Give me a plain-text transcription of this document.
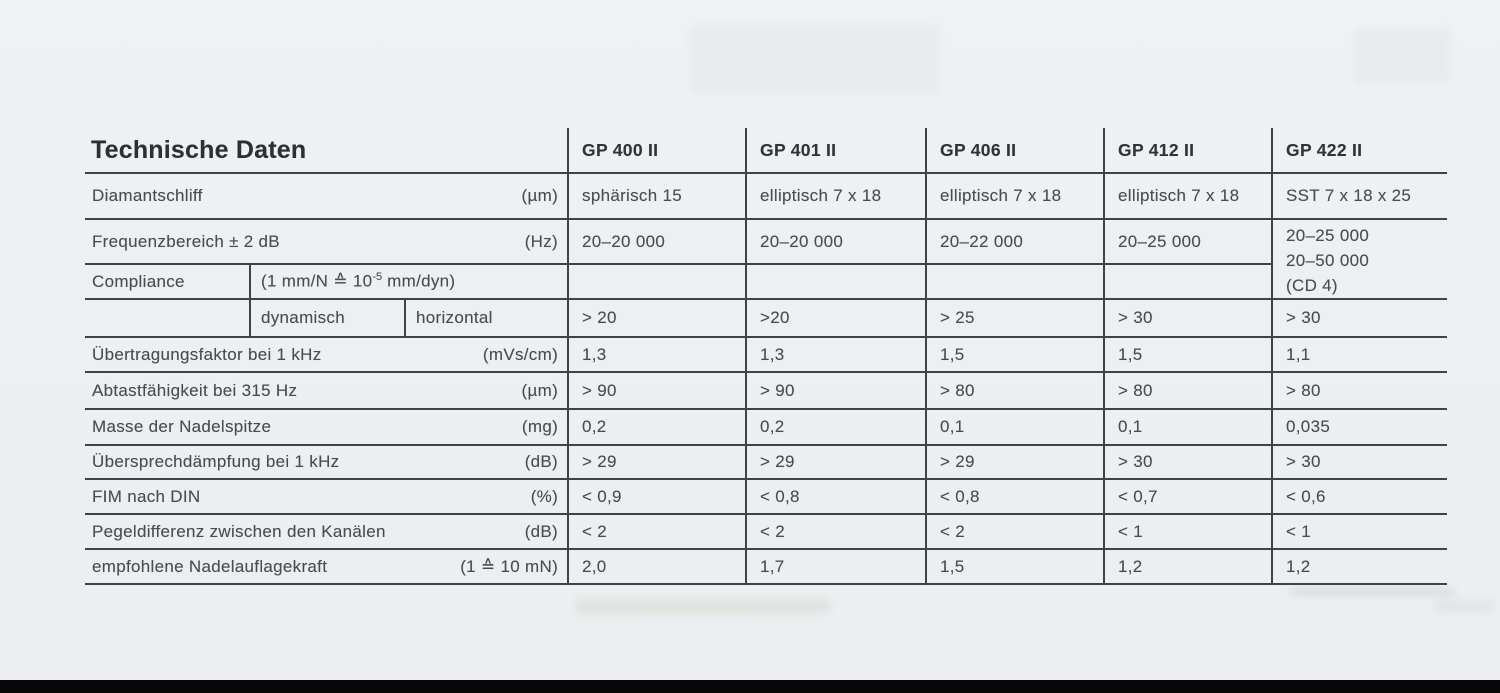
Technische Daten			GP 400 II	GP 401 II	GP 406 II	GP 412 II	GP 422 II

Diamantschliff (µm)			sphärisch 15	elliptisch 7 x 18	elliptisch 7 x 18	elliptisch 7 x 18	SST 7 x 18 x 25

Frequenzbereich ± 2 dB	(Hz)	20–20 000	20–20 000	20–22 000	20–25 000	20–25 000
20–50 000
(CD 4)

Compliance	(1 mm/N ≙ $10^{-5}$ mm/dyn)						
	dynamisch	horizontal	> 20	>20	> 25	> 30	> 30

Übertragungsfaktor bei 1 kHz (mVs/cm)			1,3	1,3	1,5	1,5	1,1

Abtastfähigkeit bei 315 Hz (µm)			> 90	> 90	> 80	> 80	> 80

Masse der Nadelspitze (mg)			0,2	0,2	0,1	0,1	0,035

Übersprechdämpfung bei 1 kHz (dB)			> 29	> 29	> 29	> 30	> 30

FIM nach DIN (%)			< 0,9	< 0,8	< 0,8	< 0,7	< 0,6

Pegeldifferenz zwischen den Kanälen (dB)			< 2	< 2	< 2	< 1	< 1

empfohlene Nadelauflagekraft (1 ≙ 10 mN)			2,0	1,7	1,5	1,2	1,2
